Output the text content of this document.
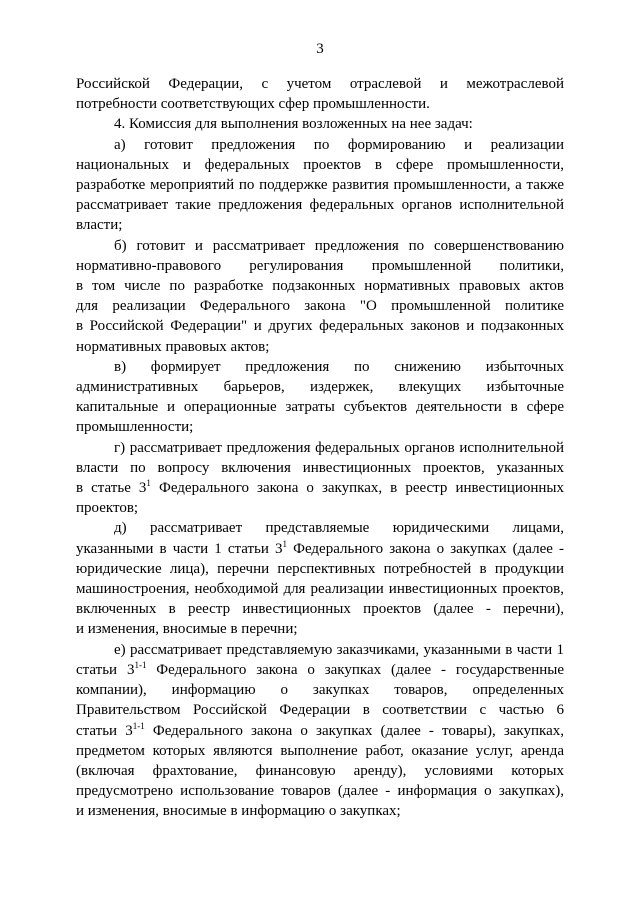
3
Российской Федерации, с учетом отраслевой и межотраслевой
потребности соответствующих сфер промышленности.
4. Комиссия для выполнения возложенных на нее задач:
а) готовит предложения по формированию и реализации
национальных и федеральных проектов в сфере промышленности,
разработке мероприятий по поддержке развития промышленности, а также
рассматривает такие предложения федеральных органов исполнительной
власти;
б) готовит и рассматривает предложения по совершенствованию
нормативно-правового регулирования промышленной политики,
в том числе по разработке подзаконных нормативных правовых актов
для реализации Федерального закона "О промышленной политике
в Российской Федерации" и других федеральных законов и подзаконных
нормативных правовых актов;
в) формирует предложения по снижению избыточных
административных барьеров, издержек, влекущих избыточные
капитальные и операционные затраты субъектов деятельности в сфере
промышленности;
г) рассматривает предложения федеральных органов исполнительной
власти по вопросу включения инвестиционных проектов, указанных
в статье $3^1$ Федерального закона о закупках, в реестр инвестиционных
проектов;
д) рассматривает представляемые юридическими лицами,
указанными в части 1 статьи $3^1$ Федерального закона о закупках (далее -
юридические лица), перечни перспективных потребностей в продукции
машиностроения, необходимой для реализации инвестиционных проектов,
включенных в реестр инвестиционных проектов (далее - перечни),
и изменения, вносимые в перечни;
е) рассматривает представляемую заказчиками, указанными в части 1
статьи 3$^{1-1}$ Федерального закона о закупках (далее - государственные
компании), информацию о закупках товаров, определенных
Правительством Российской Федерации в соответствии с частью 6
статьи 3$^{1-1}$ Федерального закона о закупках (далее - товары), закупках,
предметом которых являются выполнение работ, оказание услуг, аренда
(включая фрахтование, финансовую аренду), условиями которых
предусмотрено использование товаров (далее - информация о закупках),
и изменения, вносимые в информацию о закупках;
